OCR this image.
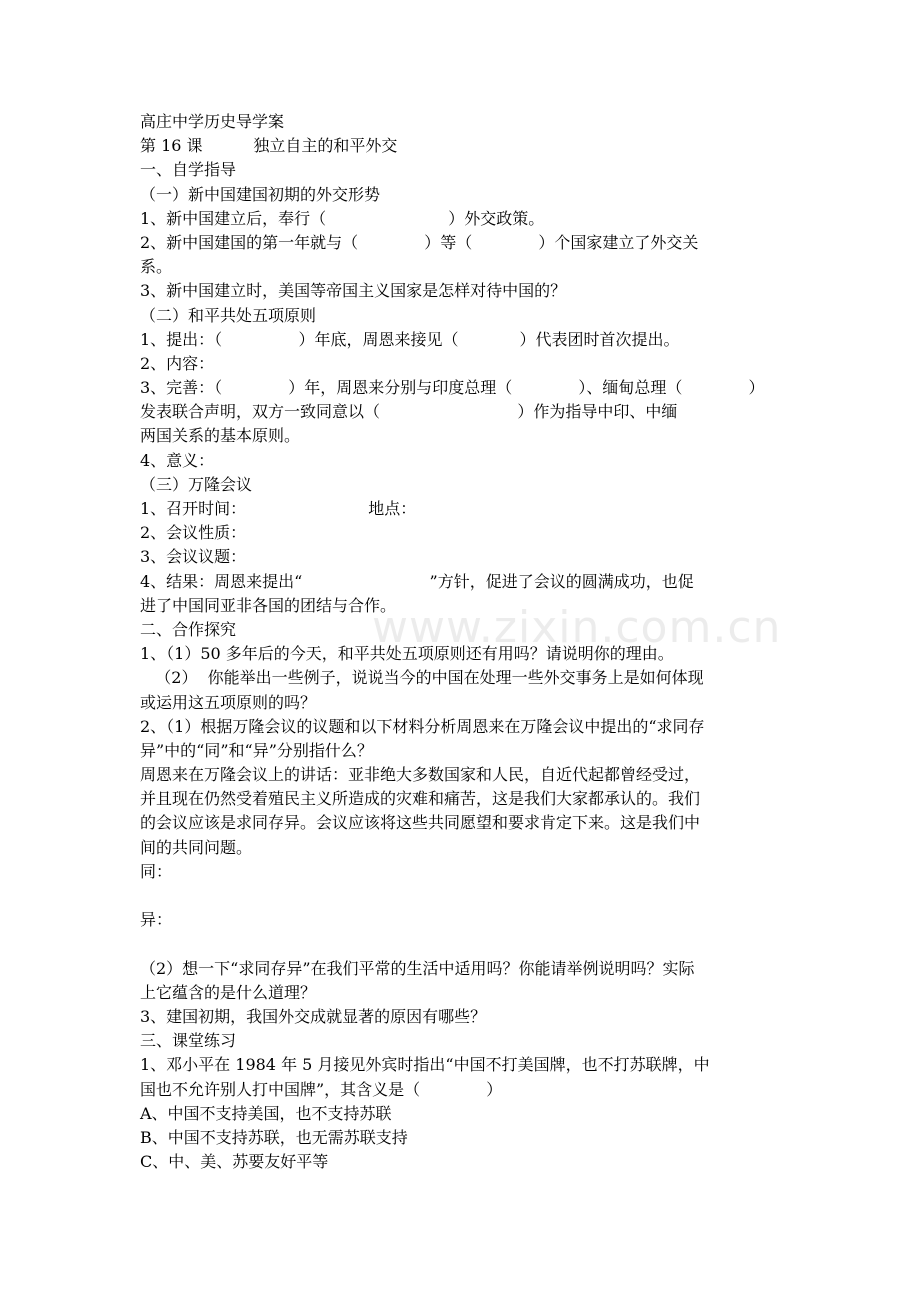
www.zixin.com.cn
高庄中学历史导学案
第 16 课          独立自主的和平外交
一、自学指导
（一）新中国建国初期的外交形势
1、新中国建立后，奉行（                        ）外交政策。
2、新中国建国的第一年就与（             ）等（             ）个国家建立了外交关
系。
3、新中国建立时，美国等帝国主义国家是怎样对待中国的？
（二）和平共处五项原则
1、提出：（               ）年底，周恩来接见（            ）代表团时首次提出。
2、内容：
3、完善：（             ）年，周恩来分别与印度总理（             ）、缅甸总理（             ）
发表联合声明，双方一致同意以（                           ）作为指导中印、中缅
两国关系的基本原则。
4、意义：
（三）万隆会议
1、召开时间：                        地点：
2、会议性质：
3、会议议题：
4、结果：周恩来提出“                         ”方针，促进了会议的圆满成功，也促
进了中国同亚非各国的团结与合作。
二、合作探究
1、（1）50 多年后的今天，和平共处五项原则还有用吗？请说明你的理由。
（2）  你能举出一些例子，说说当今的中国在处理一些外交事务上是如何体现
或运用这五项原则的吗？
2、（1）根据万隆会议的议题和以下材料分析周恩来在万隆会议中提出的“求同存
异”中的“同”和“异”分别指什么？
周恩来在万隆会议上的讲话：亚非绝大多数国家和人民，自近代起都曾经受过，
并且现在仍然受着殖民主义所造成的灾难和痛苦，这是我们大家都承认的。我们
的会议应该是求同存异。会议应该将这些共同愿望和要求肯定下来。这是我们中
间的共同问题。
同：
异：
（2）想一下“求同存异”在我们平常的生活中适用吗？你能请举例说明吗？实际
上它蕴含的是什么道理？
3、建国初期，我国外交成就显著的原因有哪些？
三、课堂练习
1、邓小平在 1984 年 5 月接见外宾时指出“中国不打美国牌，也不打苏联牌，中
国也不允许别人打中国牌”，其含义是（             ）
A、中国不支持美国，也不支持苏联
B、中国不支持苏联，也无需苏联支持
C、中、美、苏要友好平等
